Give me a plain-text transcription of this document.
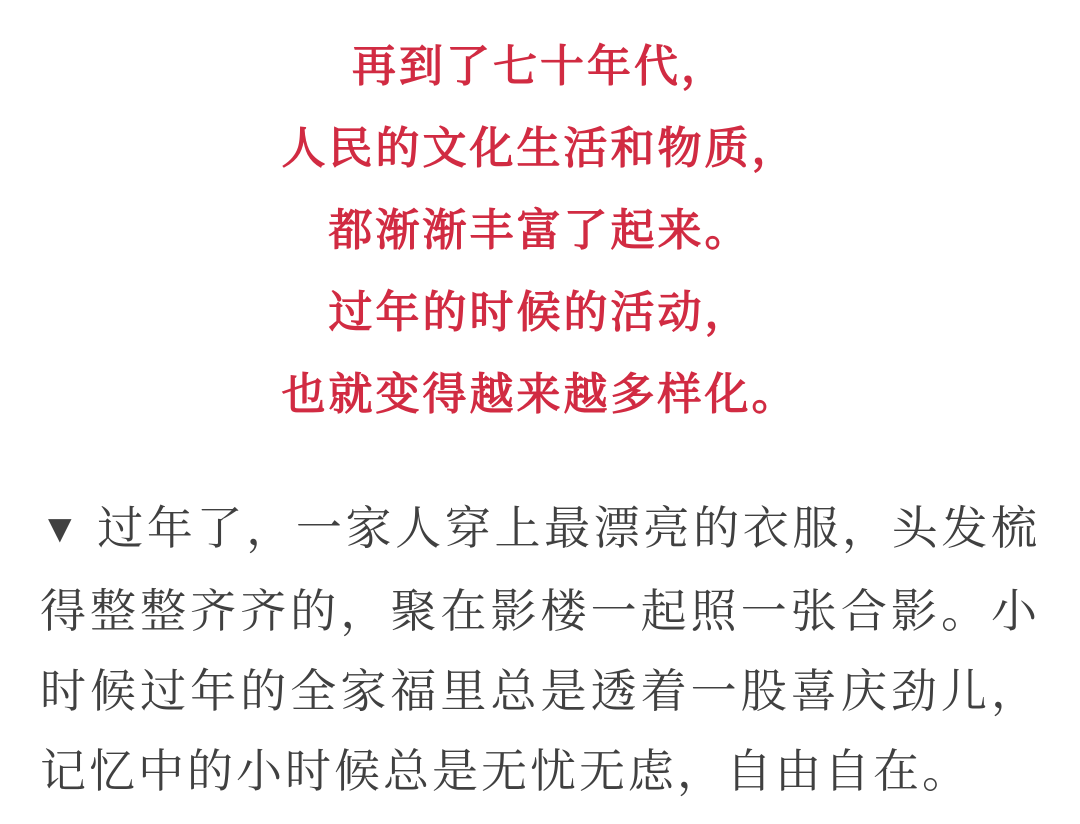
再到了七十年代，
人民的文化生活和物质，
都渐渐丰富了起来。
过年的时候的活动，
也就变得越来越多样化。

▼ 过年了，一家人穿上最漂亮的衣服，头发梳得整整齐齐的，聚在影楼一起照一张合影。小时候过年的全家福里总是透着一股喜庆劲儿，记忆中的小时候总是无忧无虑，自由自在。
